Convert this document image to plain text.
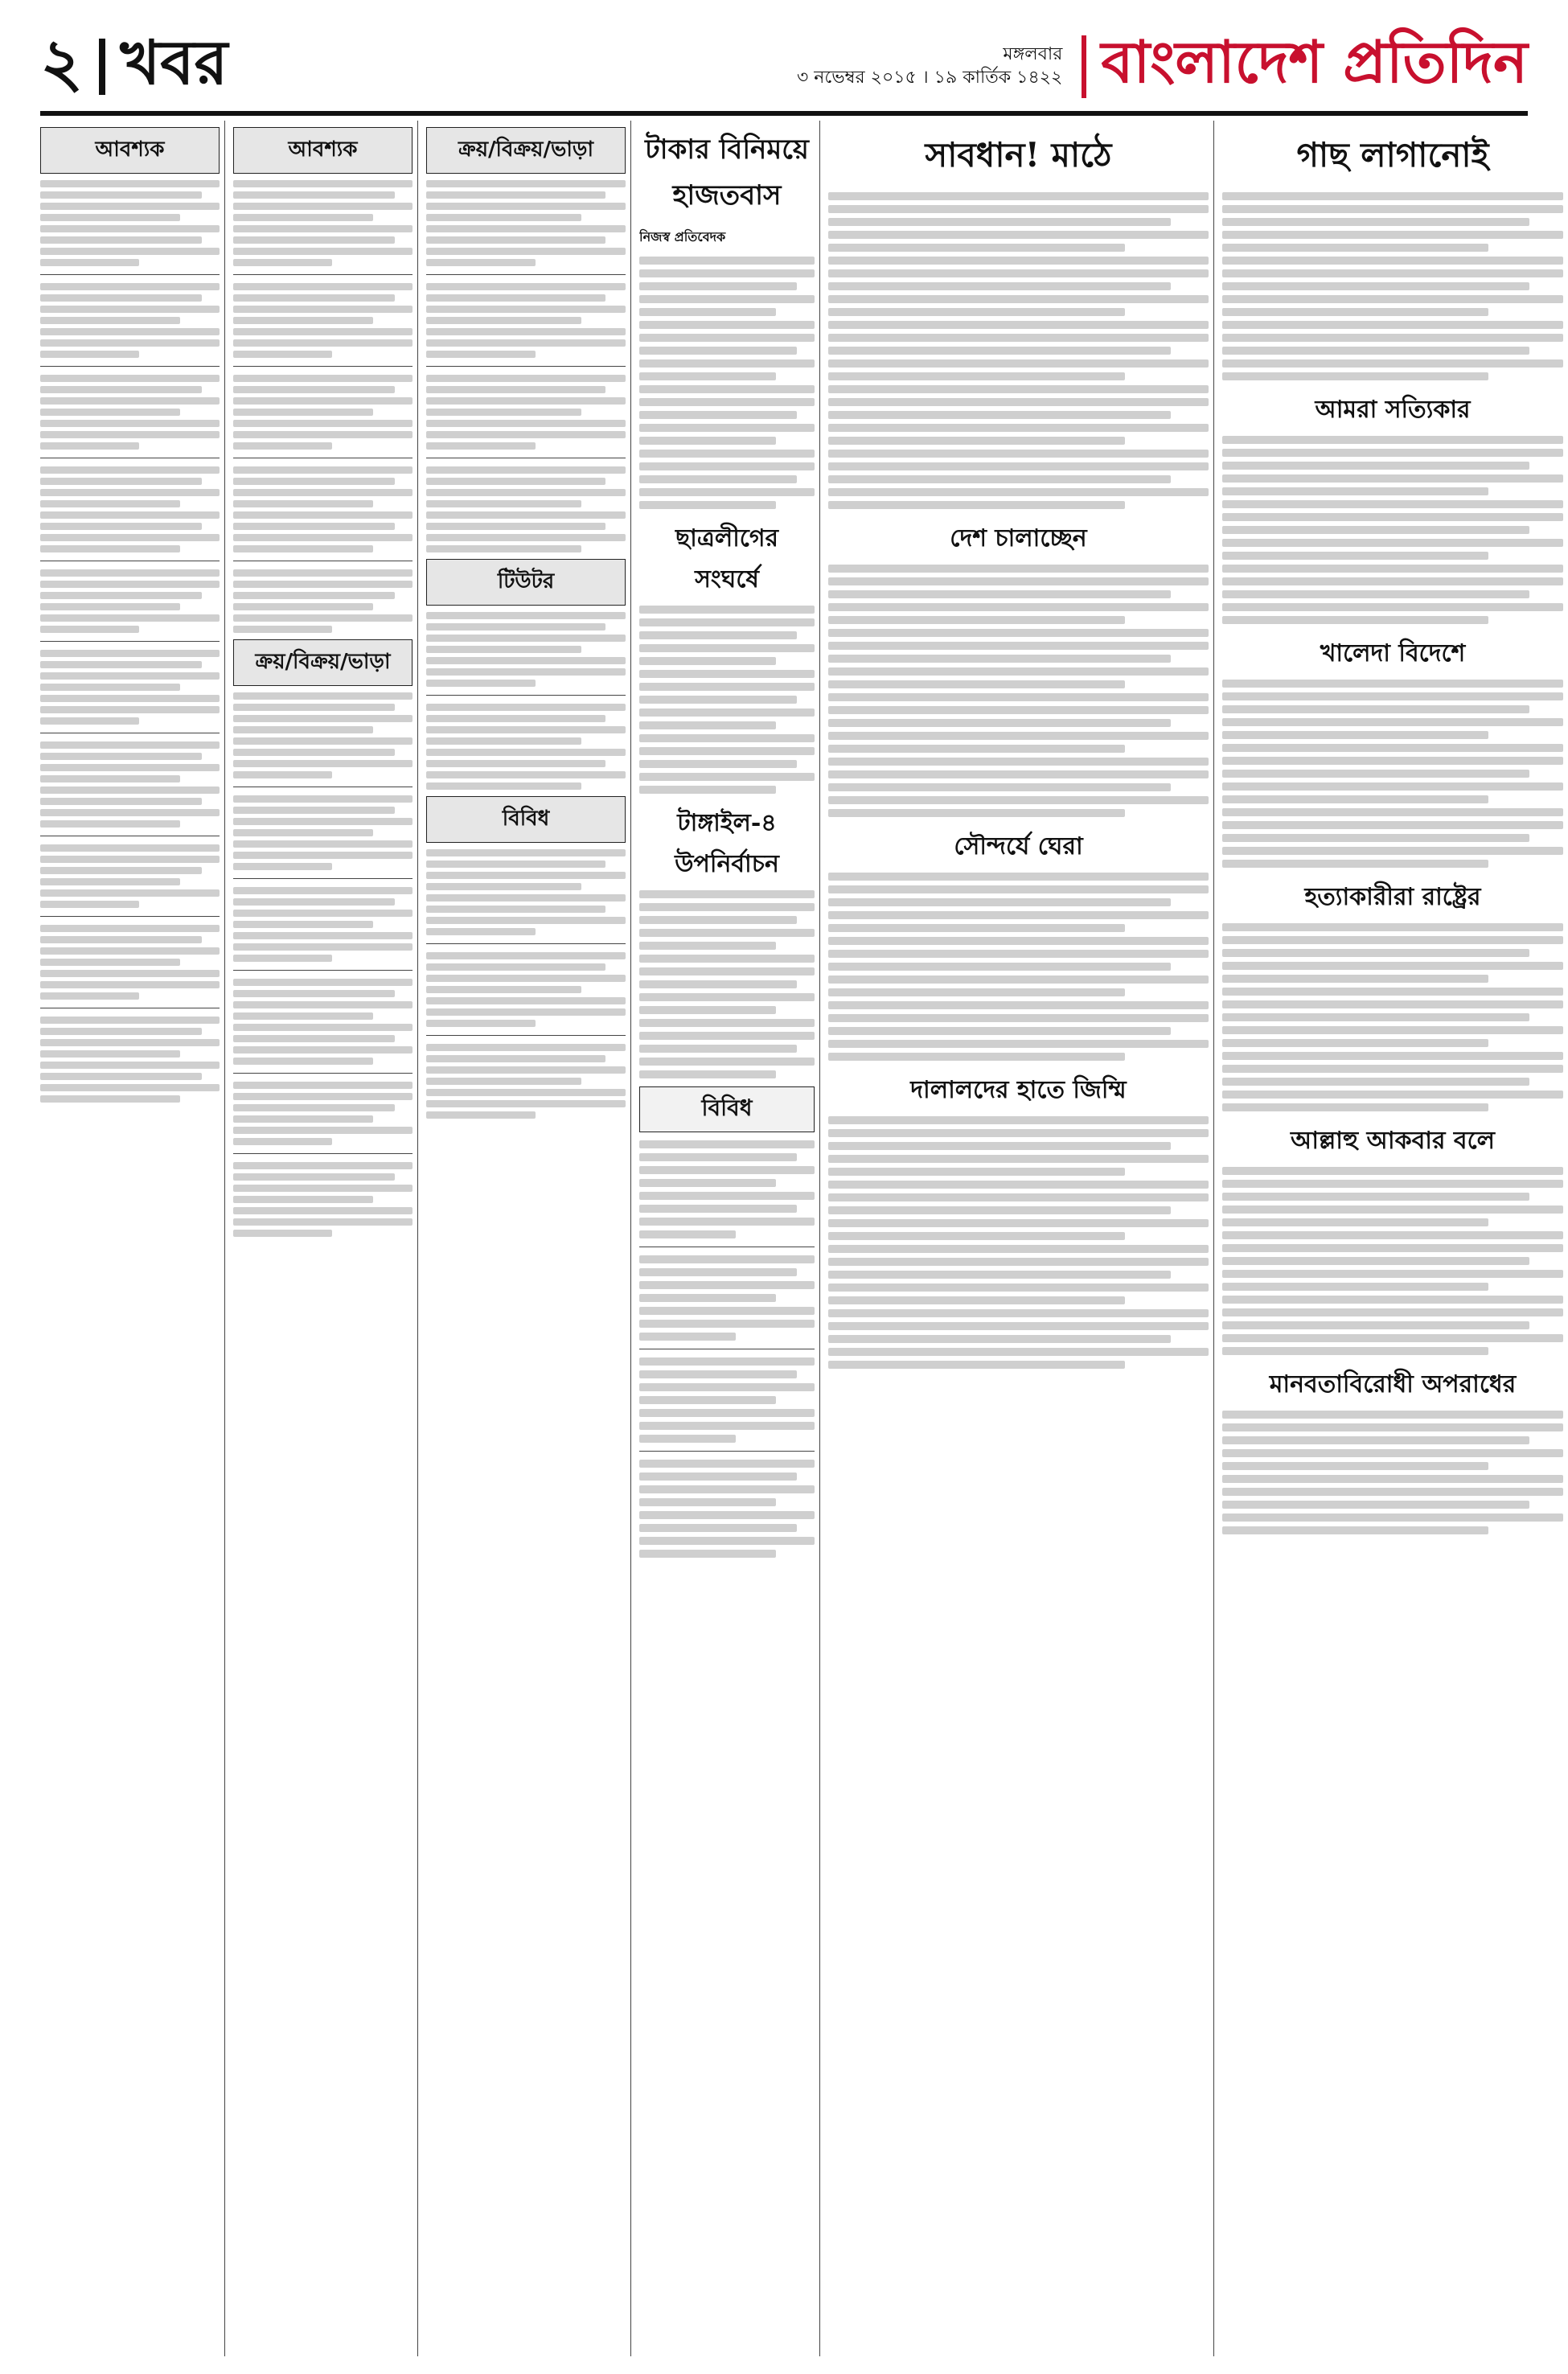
২ খবর	মঙ্গলবার
৩ নভেম্বর ২০১৫ । ১৯ কার্তিক ১৪২২ বাংলাদেশ প্রতিদিন
আবশ্যক	আবশ্যক
ক্রয়/বিক্রয়/ভাড়া
ক্রয়/বিক্রয়/ভাড়া
টিউটর
বিবিধ
টাকার বিনিময়ে হাজতবাস
নিজস্ব প্রতিবেদক
ছাত্রলীগের সংঘর্ষে
টাঙ্গাইল-৪ উপনির্বাচন
বিবিধ
সাবধান! মাঠে
দেশ চালাচ্ছেন
সৌন্দর্যে ঘেরা
দালালদের হাতে জিম্মি
গাছ লাগানোই
আমরা সত্যিকার
খালেদা বিদেশে
হত্যাকারীরা রাষ্ট্রের
আল্লাহু আকবার বলে
মানবতাবিরোধী অপরাধের
